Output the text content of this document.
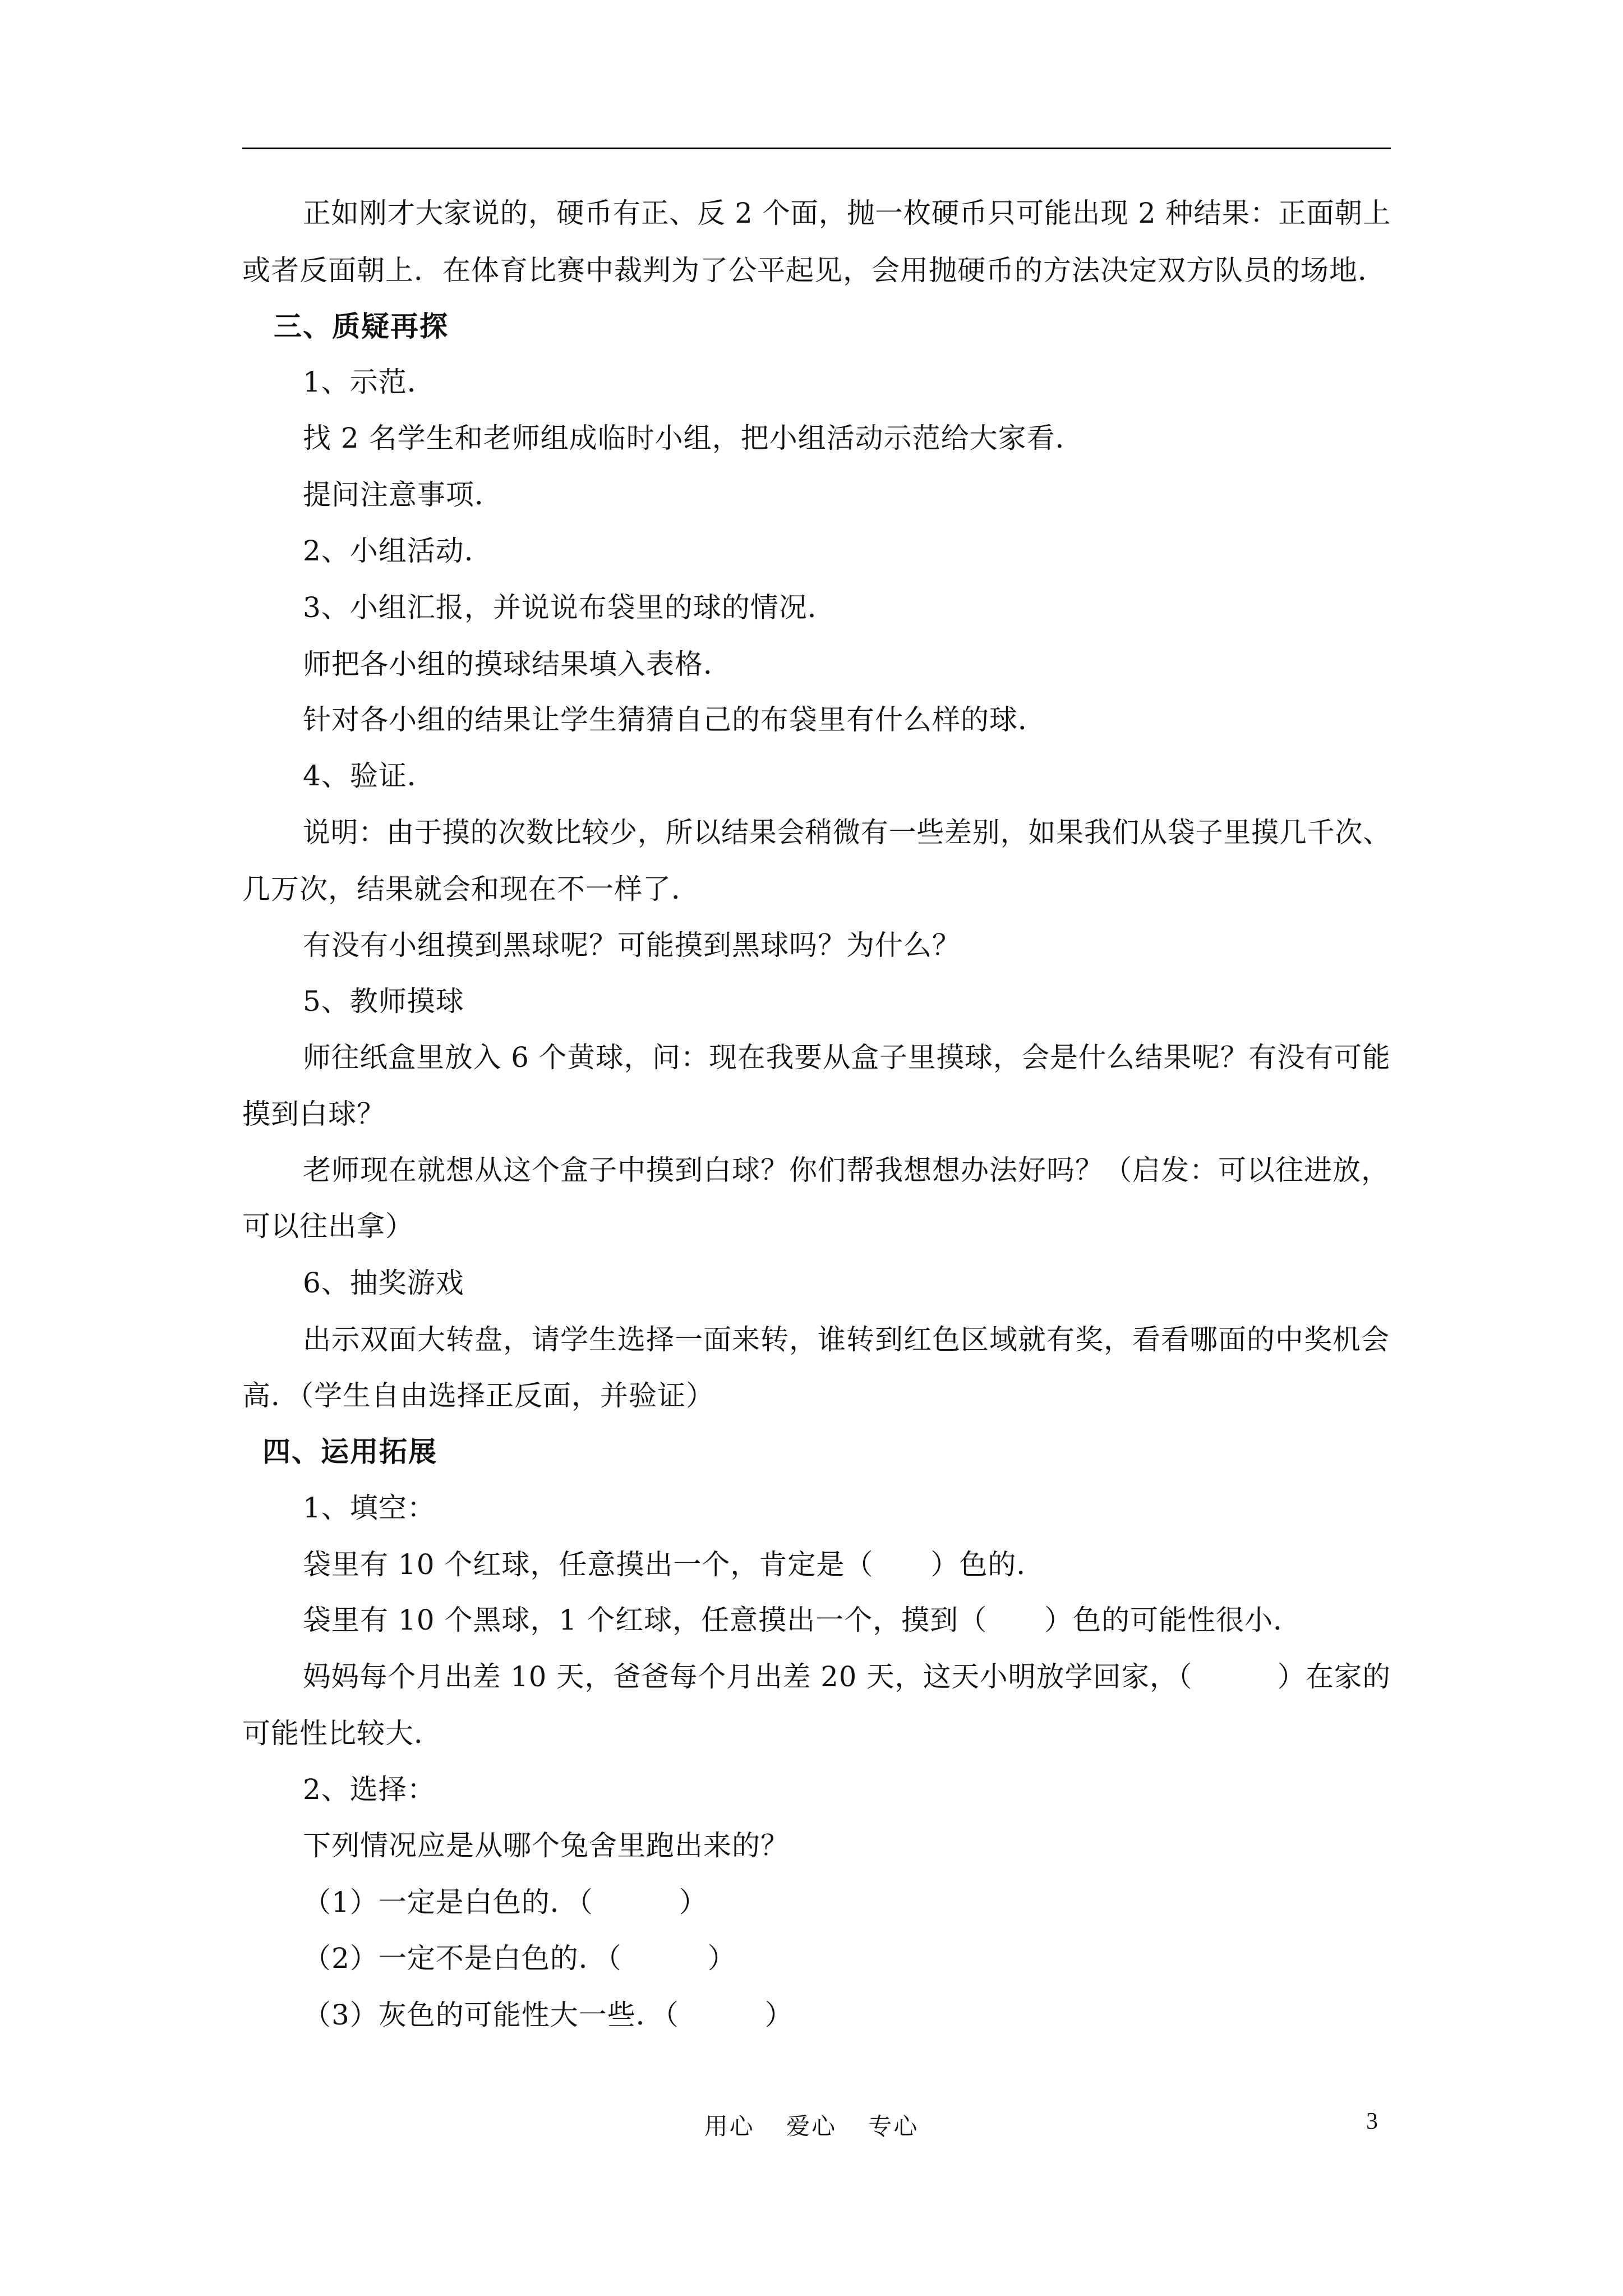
正如刚才大家说的，硬币有正、反 2 个面，抛一枚硬币只可能出现 2 种结果：正面朝上
或者反面朝上．在体育比赛中裁判为了公平起见，会用抛硬币的方法决定双方队员的场地．
三、质疑再探
1、示范．
找 2 名学生和老师组成临时小组，把小组活动示范给大家看．
提问注意事项．
2、小组活动．
3、小组汇报，并说说布袋里的球的情况．
师把各小组的摸球结果填入表格．
针对各小组的结果让学生猜猜自己的布袋里有什么样的球．
4、验证．
说明：由于摸的次数比较少，所以结果会稍微有一些差别，如果我们从袋子里摸几千次、
几万次，结果就会和现在不一样了．
有没有小组摸到黑球呢？可能摸到黑球吗？为什么？
5、教师摸球
师往纸盒里放入 6 个黄球，问：现在我要从盒子里摸球，会是什么结果呢？有没有可能
摸到白球？
老师现在就想从这个盒子中摸到白球？你们帮我想想办法好吗？（启发：可以往进放，
可以往出拿）
6、抽奖游戏
出示双面大转盘，请学生选择一面来转，谁转到红色区域就有奖，看看哪面的中奖机会
高．（学生自由选择正反面，并验证）
四、运用拓展
1、填空：
袋里有 10 个红球，任意摸出一个，肯定是（　　）色的．
袋里有 10 个黑球，1 个红球，任意摸出一个，摸到（　　）色的可能性很小．
妈妈每个月出差 10 天，爸爸每个月出差 20 天，这天小明放学回家，（　　　）在家的
可能性比较大．
2、选择：
下列情况应是从哪个兔舍里跑出来的？
（1）一定是白色的．（　　　）
（2）一定不是白色的．（　　　）
（3）灰色的可能性大一些．（　　　）
用心 爱心 专心	3
